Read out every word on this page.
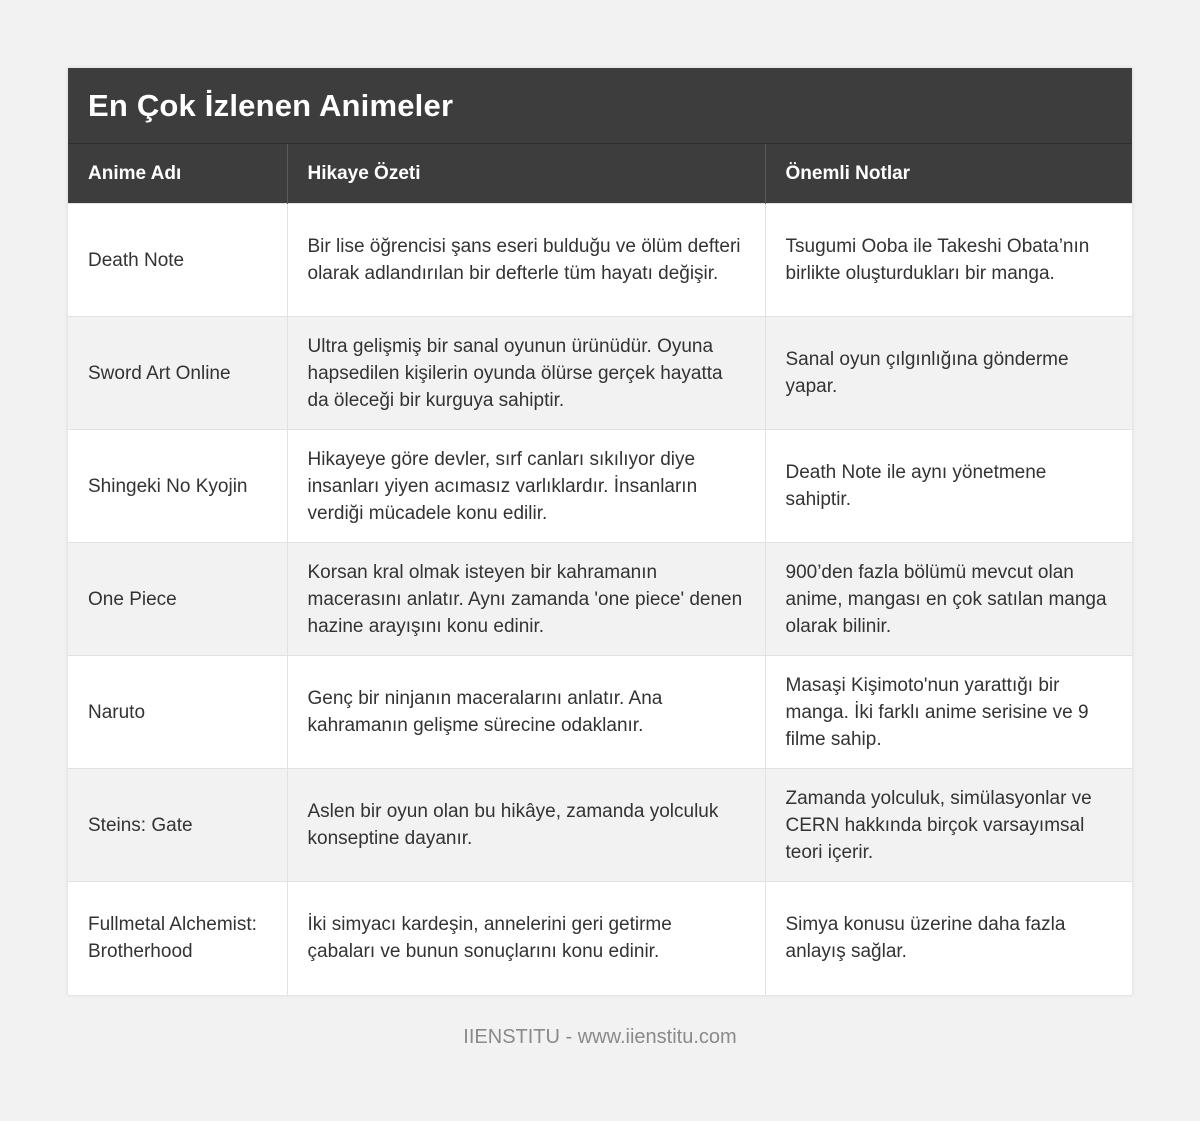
En Çok İzlenen Animeler
Anime Adı	Hikaye Özeti	Önemli Notlar
Death Note	Bir lise öğrencisi şans eseri bulduğu ve ölüm defteri olarak adlandırılan bir defterle tüm hayatı değişir.	Tsugumi Ooba ile Takeshi Obata’nın birlikte oluşturdukları bir manga.
Sword Art Online	Ultra gelişmiş bir sanal oyunun ürünüdür. Oyuna hapsedilen kişilerin oyunda ölürse gerçek hayatta da öleceği bir kurguya sahiptir.	Sanal oyun çılgınlığına gönderme yapar.
Shingeki No Kyojin	Hikayeye göre devler, sırf canları sıkılıyor diye insanları yiyen acımasız varlıklardır. İnsanların verdiği mücadele konu edilir.	Death Note ile aynı yönetmene sahiptir.
One Piece	Korsan kral olmak isteyen bir kahramanın macerasını anlatır. Aynı zamanda 'one piece' denen hazine arayışını konu edinir.	900’den fazla bölümü mevcut olan anime, mangası en çok satılan manga olarak bilinir.
Naruto	Genç bir ninjanın maceralarını anlatır. Ana kahramanın gelişme sürecine odaklanır.	Masaşi Kişimoto'nun yarattığı bir manga. İki farklı anime serisine ve 9 filme sahip.
Steins: Gate	Aslen bir oyun olan bu hikâye, zamanda yolculuk konseptine dayanır.	Zamanda yolculuk, simülasyonlar ve CERN hakkında birçok varsayımsal teori içerir.
Fullmetal Alchemist: Brotherhood	İki simyacı kardeşin, annelerini geri getirme çabaları ve bunun sonuçlarını konu edinir.	Simya konusu üzerine daha fazla anlayış sağlar.
IIENSTITU - www.iienstitu.com
